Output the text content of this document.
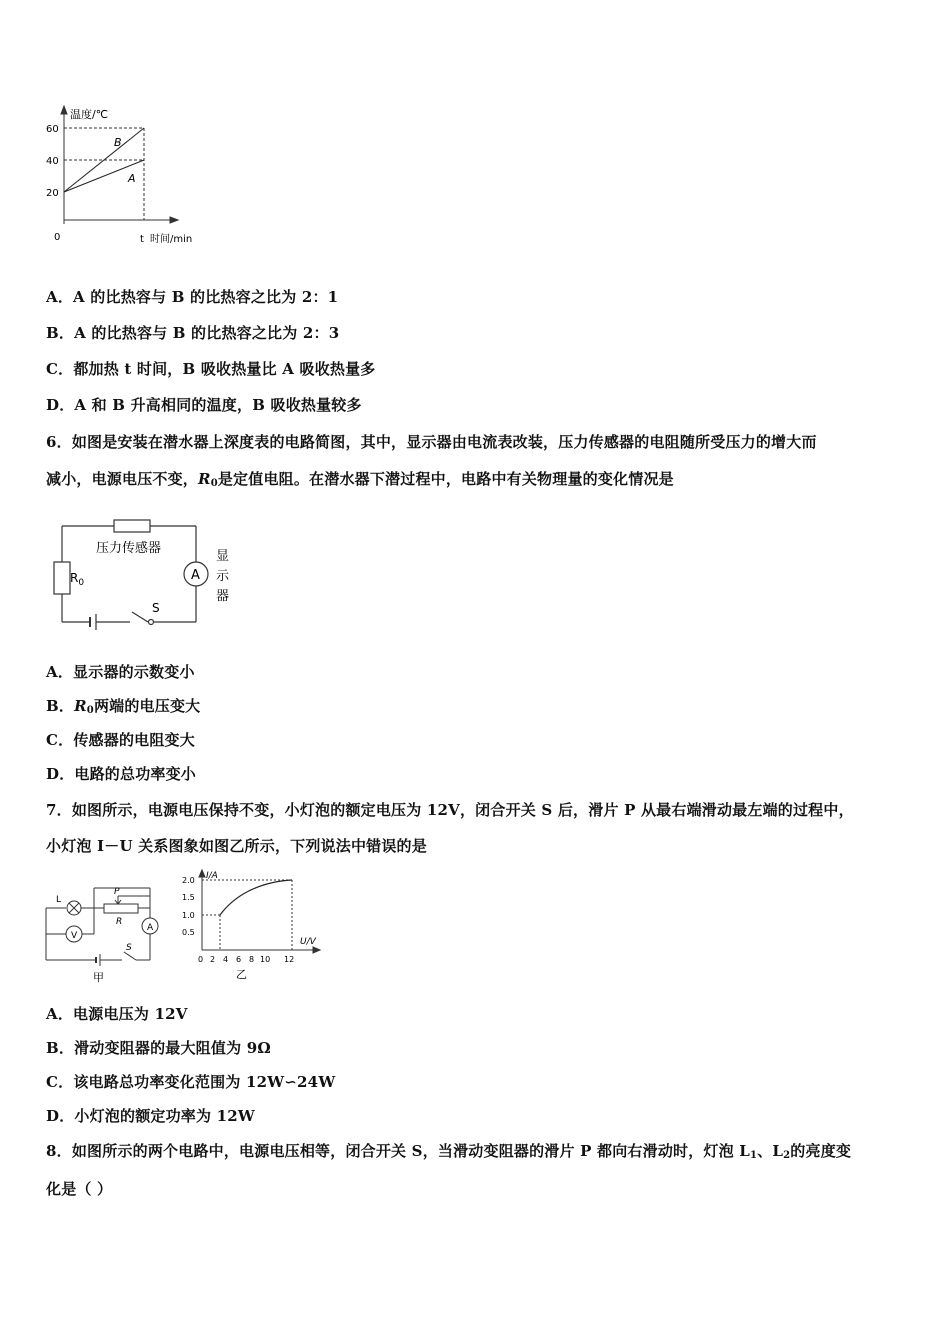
温度/℃
60
40
20
0	t 时间/min
B
A
A．A 的比热容与 B 的比热容之比为 2：1
B．A 的比热容与 B 的比热容之比为 2：3
C．都加热 t 时间，B 吸收热量比 A 吸收热量多
D．A 和 B 升高相同的温度，B 吸收热量较多
6．如图是安装在潜水器上深度表的电路简图，其中，显示器由电流表改装，压力传感器的电阻随所受压力的增大而
减小，电源电压不变，$R_0$是定值电阻。在潜水器下潜过程中，电路中有关物理量的变化情况是
压力传感器
$R_0$	A
S
显
示
器
A．显示器的示数变小
B．$R_0$两端的电压变大
C．传感器的电阻变大
D．电路的总功率变小
7．如图所示，电源电压保持不变，小灯泡的额定电压为 12V，闭合开关 S 后，滑片 P 从最右端滑动最左端的过程中，
小灯泡 I－U 关系图象如图乙所示，下列说法中错误的是
L
P
R
A
V
S
甲
I/A
U/V
2.0
1.5
1.0
0.5
0 2 4 6 8 10 12
乙
A．电源电压为 12V
B．滑动变阻器的最大阻值为 9Ω
C．该电路总功率变化范围为 12W∽24W
D．小灯泡的额定功率为 12W
8．如图所示的两个电路中，电源电压相等，闭合开关 S，当滑动变阻器的滑片 P 都向右滑动时，灯泡 $L_1$、$L_2$的亮度变
化是（ ）
